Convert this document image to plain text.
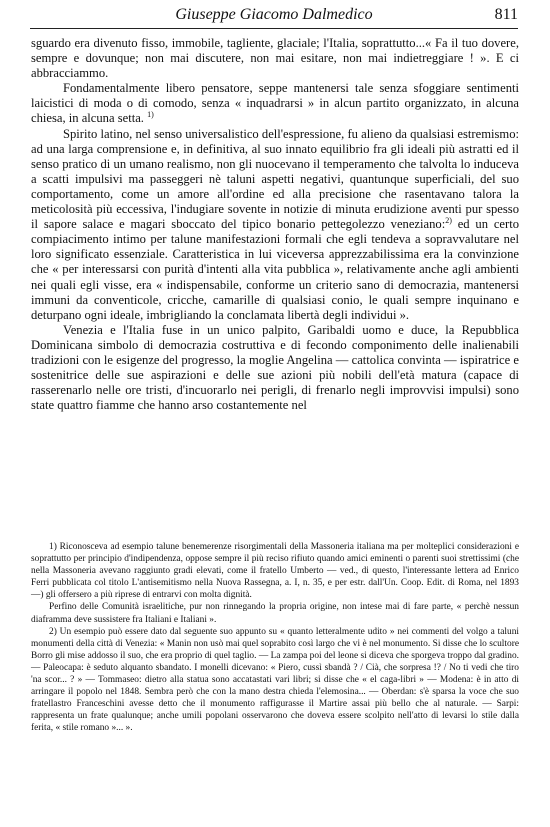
Giuseppe Giacomo Dalmedico	811

sguardo era divenuto fisso, immobile, tagliente, glaciale; l'Italia, soprattutto...« Fa il tuo dovere, sempre e dovunque; non mai discutere, non mai esitare, non mai indietreggiare ! ». E ci abbracciammo.

Fondamentalmente libero pensatore, seppe mantenersi tale senza sfoggiare sentimenti laicistici di moda o di comodo, senza « inquadrarsi » in alcun partito organizzato, in alcuna chiesa, in alcuna setta. $^{1)}$

Spirito latino, nel senso universalistico dell'espressione, fu alieno da qualsiasi estremismo: ad una larga comprensione e, in definitiva, al suo innato equilibrio fra gli ideali più astratti ed il senso pratico di un umano realismo, non gli nuocevano il temperamento che talvolta lo induceva a scatti impulsivi ma passeggeri nè taluni aspetti negativi, quantunque superficiali, del suo comportamento, come un amore all'ordine ed alla precisione che rasentavano talora la meticolosità più eccessiva, l'indugiare sovente in notizie di minuta erudizione aventi pur spesso il sapore salace e magari sboccato del tipico bonario pettegolezzo veneziano:$^{2)}$ ed un certo compiacimento intimo per talune manifestazioni formali che egli tendeva a sopravvalutare nel loro significato essenziale. Caratteristica in lui viceversa apprezzabilissima era la convinzione che « per interessarsi con purità d'intenti alla vita pubblica », relativamente anche agli ambienti nei quali egli visse, era « indispensabile, conforme un criterio sano di democrazia, mantenersi immuni da conventicole, cricche, camarille di qualsiasi conio, le quali sempre inquinano e deturpano ogni ideale, imbrigliando la conclamata libertà degli individui ».

Venezia e l'Italia fuse in un unico palpito, Garibaldi uomo e duce, la Repubblica Dominicana simbolo di democrazia costruttiva e di fecondo componimento delle inalienabili tradizioni con le esigenze del progresso, la moglie Angelina — cattolica convinta — ispiratrice e sostenitrice delle sue aspirazioni e delle sue azioni più nobili dell'età matura (capace di rasserenarlo nelle ore tristi, d'incuorarlo nei perigli, di frenarlo negli improvvisi impulsi) sono state quattro fiamme che hanno arso costantemente nel

1) Riconosceva ad esempio talune benemerenze risorgimentali della Massoneria italiana ma per molteplici considerazioni e soprattutto per principio d'indipendenza, oppose sempre il più reciso rifiuto quando amici eminenti o parenti suoi strettissimi (che nella Massoneria avevano raggiunto gradi elevati, come il fratello Umberto — ved., di questo, l'interessante lettera ad Enrico Ferri pubblicata col titolo L'antisemitismo nella Nuova Rassegna, a. I, n. 35, e per estr. dall'Un. Coop. Edit. di Roma, nel 1893 —) gli offersero a più riprese di entrarvi con molta dignità.

Perfino delle Comunità israelitiche, pur non rinnegando la propria origine, non intese mai di fare parte, « perchè nessun diaframma deve sussistere fra Italiani e Italiani ».

2) Un esempio può essere dato dal seguente suo appunto su « quanto letteralmente udito » nei commenti del volgo a taluni monumenti della città di Venezia: « Manin non usò mai quel soprabito così largo che vi è nel monumento. Si disse che lo scultore Borro gli mise addosso il suo, che era proprio di quel taglio. — La zampa poi del leone si diceva che sporgeva troppo dal gradino. — Paleocapa: è seduto alquanto sbandato. I monelli dicevano: « Piero, cussì sbandà ? / Cià, che sorpresa !? / No ti vedi che tiro 'na scor... ? » — Tommaseo: dietro alla statua sono accatastati vari libri; si disse che « el caga-libri » — Modena: è in atto di arringare il popolo nel 1848. Sembra però che con la mano destra chieda l'elemosina... — Oberdan: s'è sparsa la voce che suo fratellastro Franceschini avesse detto che il monumento raffigurasse il Martire assai più bello che al naturale. — Sarpi: rappresenta un frate qualunque; anche umili popolani osservarono che doveva essere scolpito nell'atto di levarsi lo stile dalla ferita, « stile romano »... ».
